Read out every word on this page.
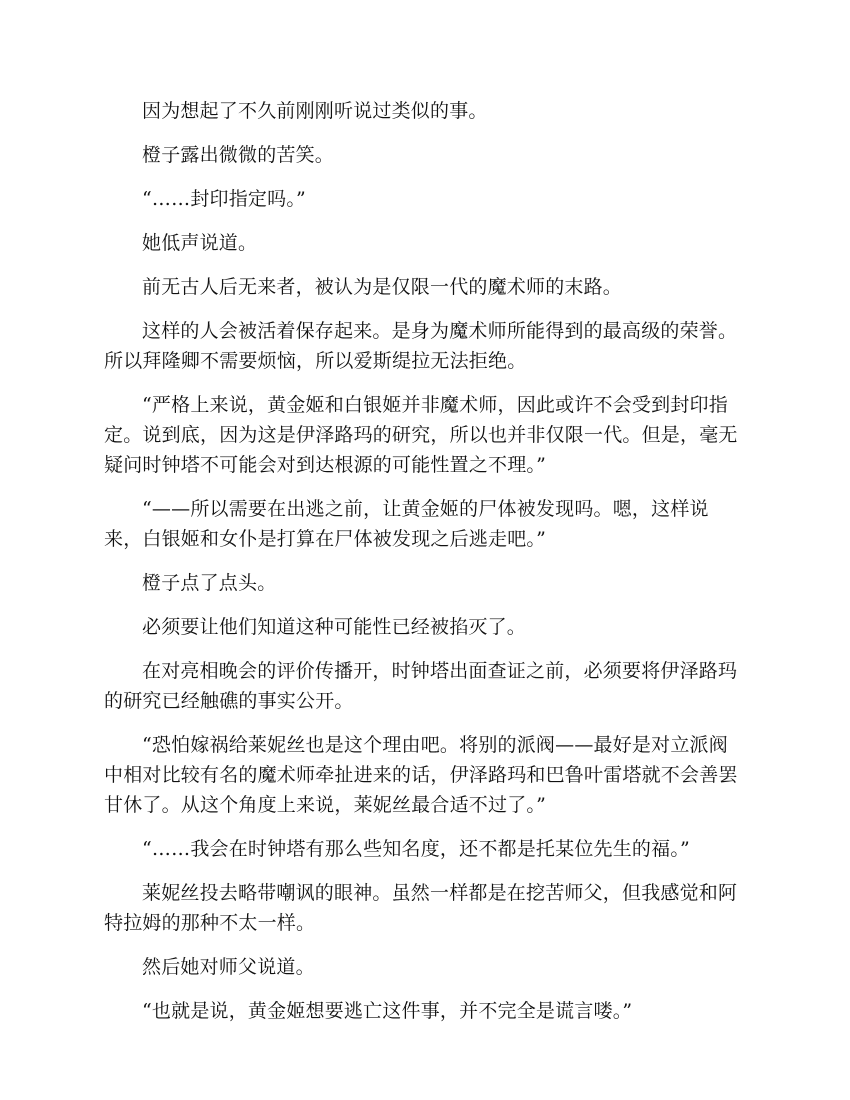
因为想起了不久前刚刚听说过类似的事。

橙子露出微微的苦笑。

“……封印指定吗。”

她低声说道。

前无古人后无来者，被认为是仅限一代的魔术师的末路。

这样的人会被活着保存起来。是身为魔术师所能得到的最高级的荣誉。所以拜隆卿不需要烦恼，所以爱斯缇拉无法拒绝。

“严格上来说，黄金姬和白银姬并非魔术师，因此或许不会受到封印指定。说到底，因为这是伊泽路玛的研究，所以也并非仅限一代。但是，毫无疑问时钟塔不可能会对到达根源的可能性置之不理。”

“——所以需要在出逃之前，让黄金姬的尸体被发现吗。嗯，这样说来，白银姬和女仆是打算在尸体被发现之后逃走吧。”

橙子点了点头。

必须要让他们知道这种可能性已经被掐灭了。

在对亮相晚会的评价传播开，时钟塔出面查证之前，必须要将伊泽路玛的研究已经触礁的事实公开。

“恐怕嫁祸给莱妮丝也是这个理由吧。将别的派阀——最好是对立派阀中相对比较有名的魔术师牵扯进来的话，伊泽路玛和巴鲁叶雷塔就不会善罢甘休了。从这个角度上来说，莱妮丝最合适不过了。”

“……我会在时钟塔有那么些知名度，还不都是托某位先生的福。”

莱妮丝投去略带嘲讽的眼神。虽然一样都是在挖苦师父，但我感觉和阿特拉姆的那种不太一样。

然后她对师父说道。

“也就是说，黄金姬想要逃亡这件事，并不完全是谎言喽。”
